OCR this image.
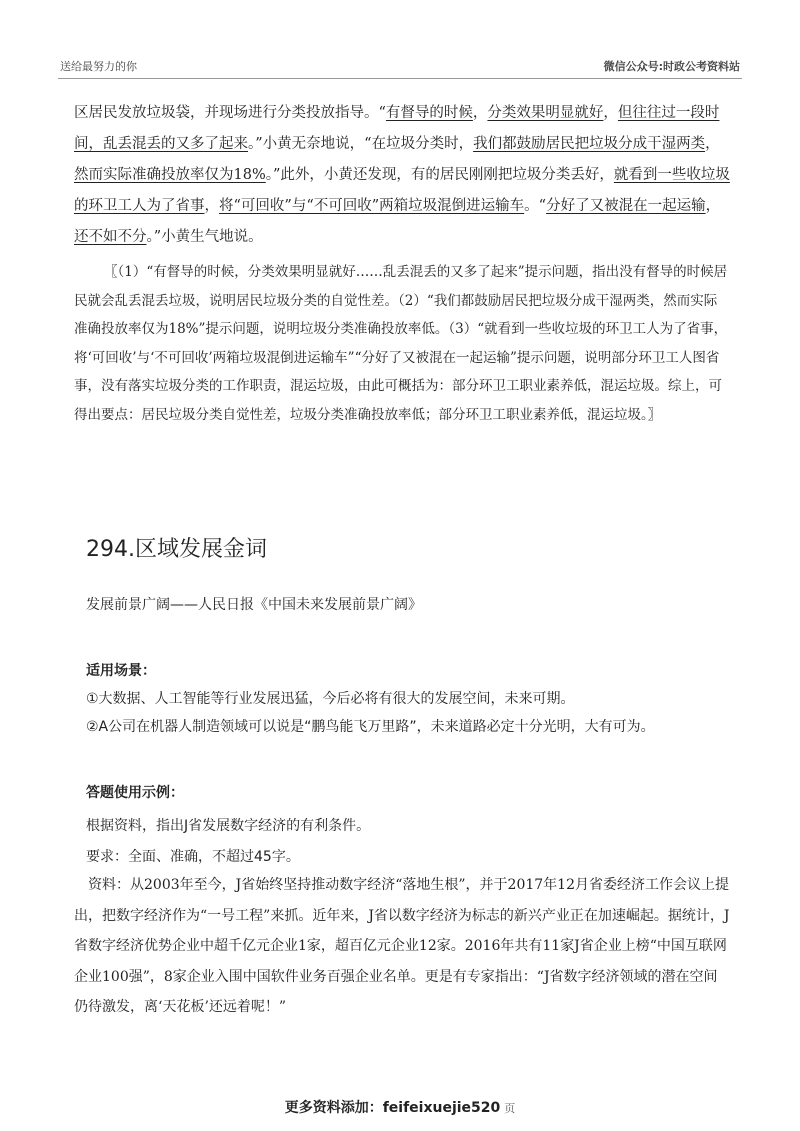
送给最努力的你	微信公众号:时政公考资料站

区居民发放垃圾袋，并现场进行分类投放指导。“有督导的时候，分类效果明显就好，但往往过一段时间，乱丢混丢的又多了起来。”小黄无奈地说，“在垃圾分类时，我们都鼓励居民把垃圾分成干湿两类，然而实际准确投放率仅为18%。”此外，小黄还发现，有的居民刚刚把垃圾分类丢好，就看到一些收垃圾的环卫工人为了省事，将“可回收”与“不可回收”两箱垃圾混倒进运输车。“分好了又被混在一起运输，还不如不分。”小黄生气地说。

〖（1）“有督导的时候，分类效果明显就好……乱丢混丢的又多了起来”提示问题，指出没有督导的时候居民就会乱丢混丢垃圾，说明居民垃圾分类的自觉性差。（2）“我们都鼓励居民把垃圾分成干湿两类，然而实际准确投放率仅为18%”提示问题，说明垃圾分类准确投放率低。（3）“就看到一些收垃圾的环卫工人为了省事，将‘可回收’与‘不可回收’两箱垃圾混倒进运输车”“分好了又被混在一起运输”提示问题，说明部分环卫工人图省事，没有落实垃圾分类的工作职责，混运垃圾，由此可概括为：部分环卫工职业素养低，混运垃圾。综上，可得出要点：居民垃圾分类自觉性差，垃圾分类准确投放率低；部分环卫工职业素养低，混运垃圾。〗

294.区域发展金词
发展前景广阔——人民日报《中国未来发展前景广阔》
适用场景：
①大数据、人工智能等行业发展迅猛，今后必将有很大的发展空间，未来可期。
②A公司在机器人制造领域可以说是“鹏鸟能飞万里路”，未来道路必定十分光明，大有可为。
答题使用示例：
根据资料，指出J省发展数字经济的有利条件。
要求：全面、准确，不超过45字。

资料：从2003年至今，J省始终坚持推动数字经济“落地生根”，并于2017年12月省委经济工作会议上提出，把数字经济作为“一号工程”来抓。近年来，J省以数字经济为标志的新兴产业正在加速崛起。据统计，J省数字经济优势企业中超千亿元企业1家，超百亿元企业12家。2016年共有11家J省企业上榜“中国互联网企业100强”，8家企业入围中国软件业务百强企业名单。更是有专家指出：“J省数字经济领域的潜在空间仍待激发，离‘天花板’还远着呢！”

更多资料添加：feifeixuejie520 页
